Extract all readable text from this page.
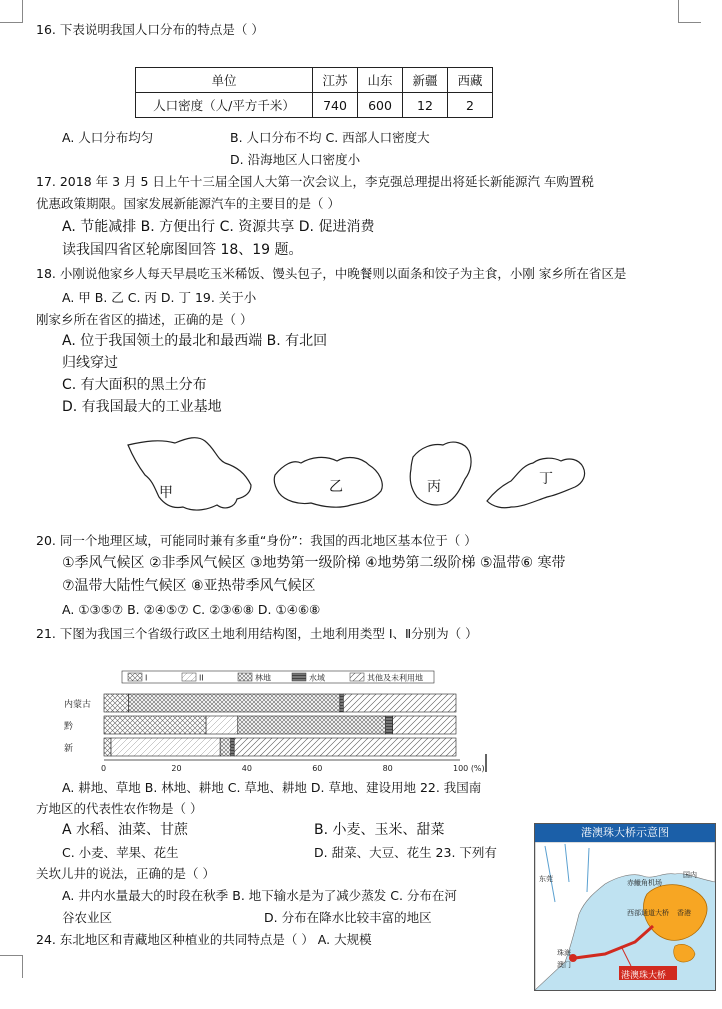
16. 下表说明我国人口分布的特点是（ ）
单位	江苏	山东	新疆	西藏
人口密度（人/平方千米）	740	600	12	2
A. 人口分布均匀	B. 人口分布不均 C. 西部人口密度大
D. 沿海地区人口密度小
17. 2018 年 3 月 5 日上午十三届全国人大第一次会议上，李克强总理提出将延长新能源汽 车购置税
优惠政策期限。国家发展新能源汽车的主要目的是（ ）
A. 节能减排 B. 方便出行 C. 资源共享 D. 促进消费
读我国四省区轮廓图回答 18、19 题。
18. 小刚说他家乡人每天早晨吃玉米稀饭、馒头包子，中晚餐则以面条和饺子为主食，小刚 家乡所在省区是
A. 甲 B. 乙 C. 丙 D. 丁 19. 关于小
刚家乡所在省区的描述，正确的是（ ）
A. 位于我国领土的最北和最西端 B. 有北回
归线穿过
C. 有大面积的黑土分布
D. 有我国最大的工业基地
甲	乙	丙	丁
20. 同一个地理区域，可能同时兼有多重“身份”：我国的西北地区基本位于（ ）
①季风气候区 ②非季风气候区 ③地势第一级阶梯 ④地势第二级阶梯 ⑤温带⑥ 寒带
⑦温带大陆性气候区 ⑧亚热带季风气候区
A. ①③⑤⑦ B. ②④⑤⑦ C. ②③⑥⑧ D. ①④⑥⑧
21. 下图为我国三个省级行政区土地利用结构图，土地利用类型 Ⅰ、Ⅱ分别为（ ）
I	II	林地	水域	其他及未利用地
内蒙古
黔
新
0	20	40	60	80	100 (%)
A. 耕地、草地 B. 林地、耕地 C. 草地、耕地 D. 草地、建设用地 22. 我国南
方地区的代表性农作物是（ ）
A 水稻、油菜、甘蔗	B. 小麦、玉米、甜菜
C. 小麦、苹果、花生	D. 甜菜、大豆、花生 23. 下列有
关坎儿井的说法，正确的是（ ）
A. 井内水量最大的时段在秋季 B. 地下输水是为了减少蒸发 C. 分布在河
谷农业区	D. 分布在降水比较丰富的地区
24. 东北地区和青藏地区种植业的共同特点是（ ） A. 大规模
港澳珠大桥示意图
港澳珠大桥
香港
赤鱲角机场
西部通道大桥
珠海
澳门
国内
东莞
